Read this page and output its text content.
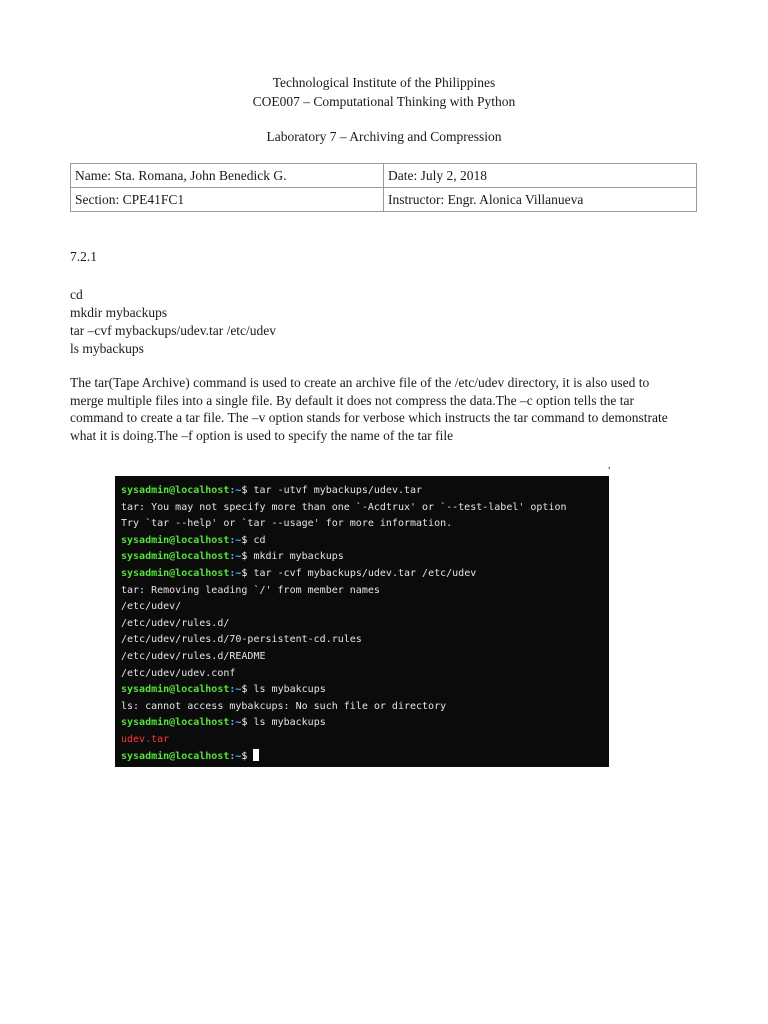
Technological Institute of the Philippines
COE007 – Computational Thinking with Python
Laboratory 7 – Archiving and Compression
Name: Sta. Romana, John Benedick G.	Date: July 2, 2018
Section: CPE41FC1	Instructor: Engr. Alonica Villanueva
7.2.1
cd
mkdir mybackups
tar –cvf mybackups/udev.tar /etc/udev
ls mybackups
The tar(Tape Archive) command is used to create an archive file of the /etc/udev directory, it is also used to merge multiple files into a single file. By default it does not compress the data.The –c option tells the tar command to create a tar file. The –v option stands for verbose which instructs the tar command to demonstrate what it is doing.The –f option is used to specify the name of the tar file
,
sysadmin@localhost:~$ tar -utvf mybackups/udev.tar
tar: You may not specify more than one `-Acdtrux' or `--test-label' option
Try `tar --help' or `tar --usage' for more information.
sysadmin@localhost:~$ cd
sysadmin@localhost:~$ mkdir mybackups
sysadmin@localhost:~$ tar -cvf mybackups/udev.tar /etc/udev
tar: Removing leading `/' from member names
/etc/udev/
/etc/udev/rules.d/
/etc/udev/rules.d/70-persistent-cd.rules
/etc/udev/rules.d/README
/etc/udev/udev.conf
sysadmin@localhost:~$ ls mybakcups
ls: cannot access mybakcups: No such file or directory
sysadmin@localhost:~$ ls mybackups
udev.tar
sysadmin@localhost:~$
